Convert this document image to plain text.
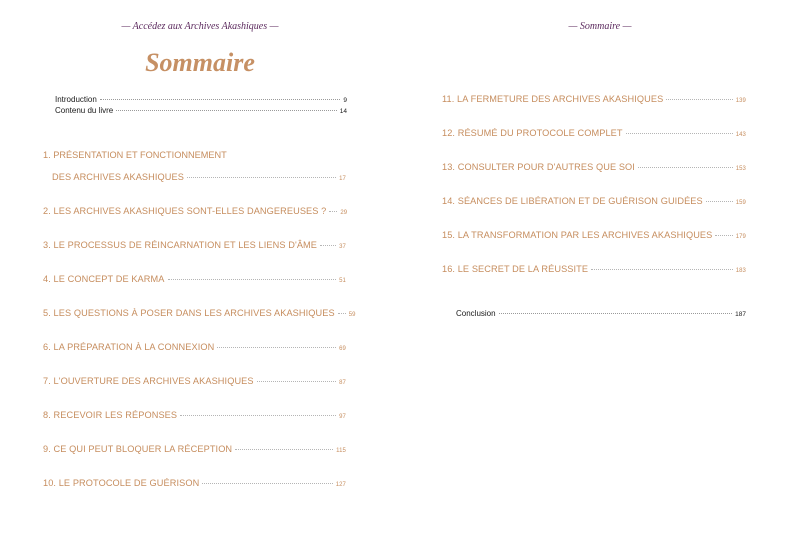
— Accédez aux Archives Akashiques —
Sommaire
Introduction	9
Contenu du livre	14
1. PRÉSENTATION ET FONCTIONNEMENT
DES ARCHIVES AKASHIQUES	17
2. LES ARCHIVES AKASHIQUES SONT-ELLES DANGEREUSES ? 29
3. LE PROCESSUS DE RÉINCARNATION ET LES LIENS D'ÂME	37
4. LE CONCEPT DE KARMA	51
5. LES QUESTIONS À POSER DANS LES ARCHIVES AKASHIQUES 59
6. LA PRÉPARATION À LA CONNEXION	69
7. L'OUVERTURE DES ARCHIVES AKASHIQUES	87
8. RECEVOIR LES RÉPONSES	97
9. CE QUI PEUT BLOQUER LA RÉCEPTION	115
10. LE PROTOCOLE DE GUÉRISON	127
— Sommaire —
11. LA FERMETURE DES ARCHIVES AKASHIQUES	139
12. RÉSUMÉ DU PROTOCOLE COMPLET	143
13. CONSULTER POUR D'AUTRES QUE SOI	153
14. SÉANCES DE LIBÉRATION ET DE GUÉRISON GUIDÉES	159
15. LA TRANSFORMATION PAR LES ARCHIVES AKASHIQUES	179
16. LE SECRET DE LA RÉUSSITE	183
Conclusion	187
